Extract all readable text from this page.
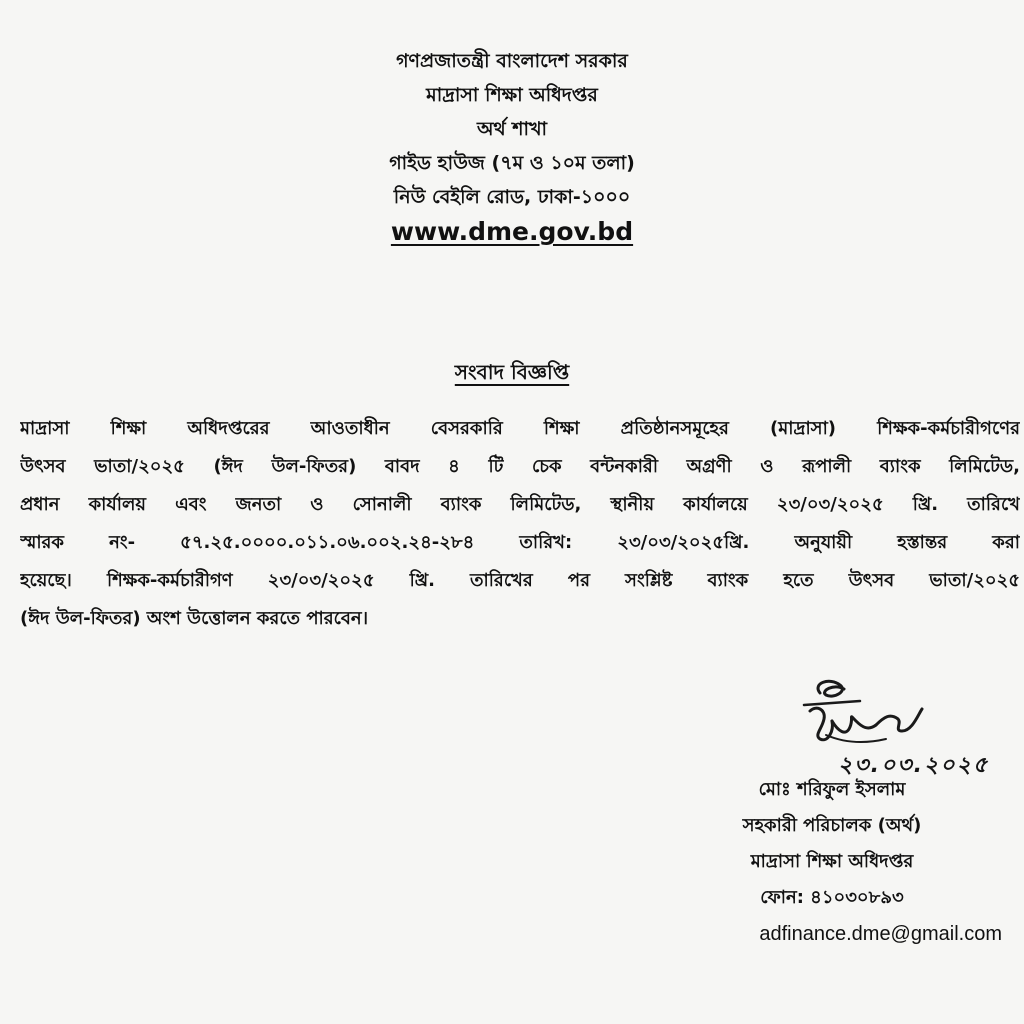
গণপ্রজাতন্ত্রী বাংলাদেশ সরকার
মাদ্রাসা শিক্ষা অধিদপ্তর
অর্থ শাখা
গাইড হাউজ (৭ম ও ১০ম তলা)
নিউ বেইলি রোড, ঢাকা-১০০০
www.dme.gov.bd
সংবাদ বিজ্ঞপ্তি
মাদ্রাসা শিক্ষা অধিদপ্তরের আওতাধীন বেসরকারি শিক্ষা প্রতিষ্ঠানসমূহের (মাদ্রাসা) শিক্ষক-কর্মচারীগণের
উৎসব ভাতা/২০২৫ (ঈদ উল-ফিতর) বাবদ ৪ টি চেক বন্টনকারী অগ্রণী ও রূপালী ব্যাংক লিমিটেড,
প্রধান কার্যালয় এবং জনতা ও সোনালী ব্যাংক লিমিটেড, স্থানীয় কার্যালয়ে ২৩/০৩/২০২৫ খ্রি. তারিখে
স্মারক নং- ৫৭.২৫.০০০০.০১১.০৬.০০২.২৪-২৮৪ তারিখ: ২৩/০৩/২০২৫খ্রি. অনুযায়ী হস্তান্তর করা
হয়েছে। শিক্ষক-কর্মচারীগণ ২৩/০৩/২০২৫ খ্রি. তারিখের পর সংশ্লিষ্ট ব্যাংক হতে উৎসব ভাতা/২০২৫
(ঈদ উল-ফিতর) অংশ উত্তোলন করতে পারবেন।
২৩.০৩.২০২৫
মোঃ শরিফুল ইসলাম
সহকারী পরিচালক (অর্থ)
মাদ্রাসা শিক্ষা অধিদপ্তর
ফোন: ৪১০৩০৮৯৩
adfinance.dme@gmail.com
